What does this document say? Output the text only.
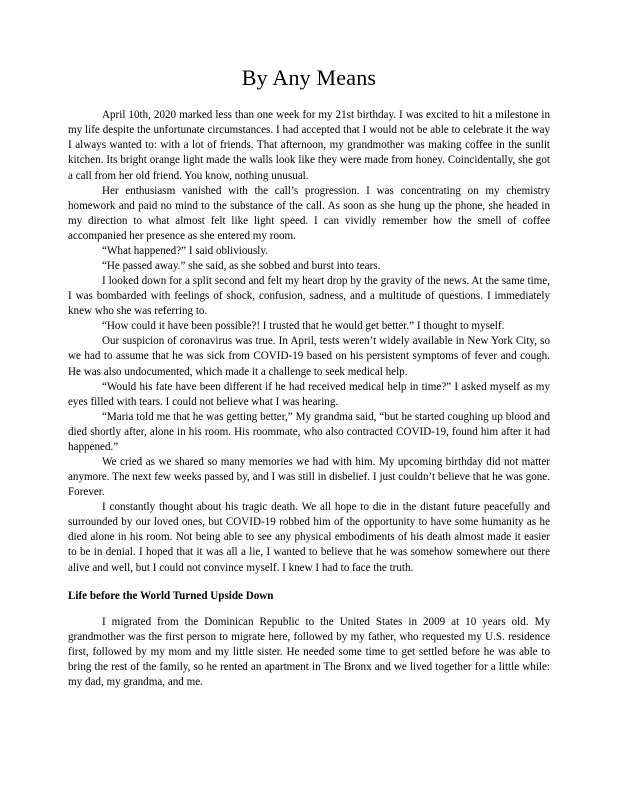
By Any Means

April 10th, 2020 marked less than one week for my 21st birthday. I was excited to hit a milestone in my life despite the unfortunate circumstances. I had accepted that I would not be able to celebrate it the way I always wanted to: with a lot of friends. That afternoon, my grandmother was making coffee in the sunlit kitchen. Its bright orange light made the walls look like they were made from honey. Coincidentally, she got a call from her old friend. You know, nothing unusual.

Her enthusiasm vanished with the call’s progression. I was concentrating on my chemistry homework and paid no mind to the substance of the call. As soon as she hung up the phone, she headed in my direction to what almost felt like light speed. I can vividly remember how the smell of coffee accompanied her presence as she entered my room.

“What happened?” I said obliviously.

“He passed away.” she said, as she sobbed and burst into tears.

I looked down for a split second and felt my heart drop by the gravity of the news. At the same time, I was bombarded with feelings of shock, confusion, sadness, and a multitude of questions. I immediately knew who she was referring to.

“How could it have been possible?! I trusted that he would get better.” I thought to myself.

Our suspicion of coronavirus was true. In April, tests weren’t widely available in New York City, so we had to assume that he was sick from COVID-19 based on his persistent symptoms of fever and cough. He was also undocumented, which made it a challenge to seek medical help.

“Would his fate have been different if he had received medical help in time?” I asked myself as my eyes filled with tears. I could not believe what I was hearing.

“Maria told me that he was getting better,” My grandma said, “but he started coughing up blood and died shortly after, alone in his room. His roommate, who also contracted COVID-19, found him after it had happened.”

We cried as we shared so many memories we had with him. My upcoming birthday did not matter anymore. The next few weeks passed by, and I was still in disbelief. I just couldn’t believe that he was gone. Forever.

I constantly thought about his tragic death. We all hope to die in the distant future peacefully and surrounded by our loved ones, but COVID-19 robbed him of the opportunity to have some humanity as he died alone in his room. Not being able to see any physical embodiments of his death almost made it easier to be in denial. I hoped that it was all a lie, I wanted to believe that he was somehow somewhere out there alive and well, but I could not convince myself. I knew I had to face the truth.

Life before the World Turned Upside Down

I migrated from the Dominican Republic to the United States in 2009 at 10 years old. My grandmother was the first person to migrate here, followed by my father, who requested my U.S. residence first, followed by my mom and my little sister. He needed some time to get settled before he was able to bring the rest of the family, so he rented an apartment in The Bronx and we lived together for a little while: my dad, my grandma, and me.
